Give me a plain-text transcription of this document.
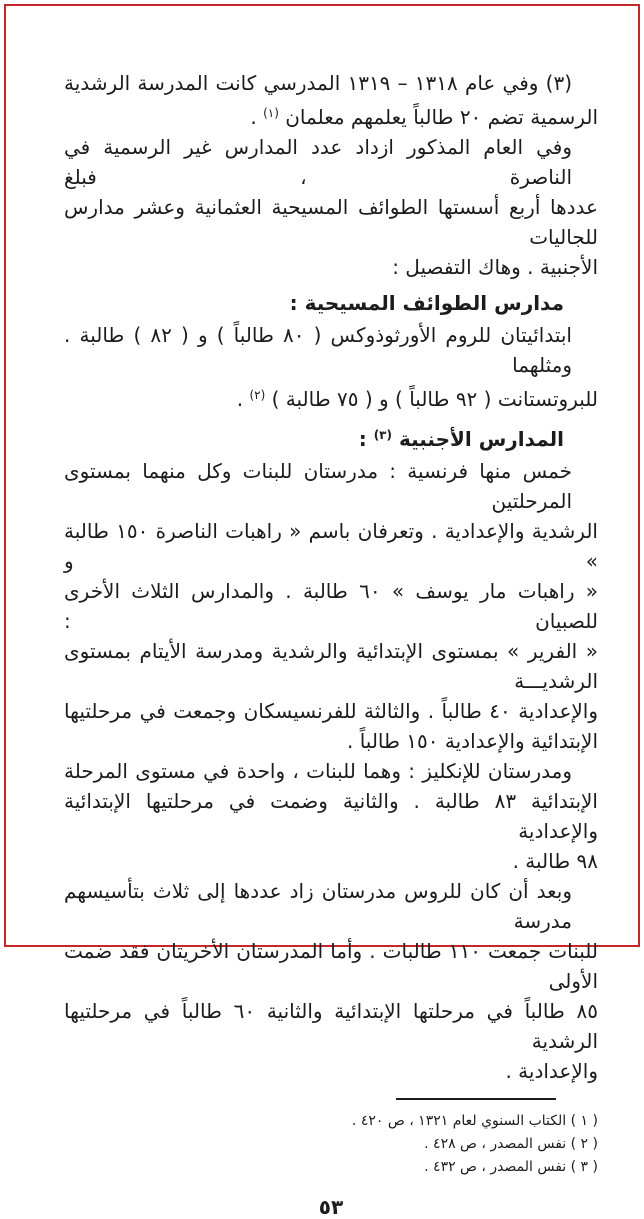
(٣) وفي عام ١٣١٨ – ١٣١٩ المدرسي كانت المدرسة الرشدية
الرسمية تضم ٢٠ طالباً يعلمهم معلمان $^{(١)}$ .
وفي العام المذكور ازداد عدد المدارس غير الرسمية في الناصرة ، فبلغ
عددها أربع أسستها الطوائف المسيحية العثمانية وعشر مدارس للجاليات
الأجنبية . وهاك التفصيل :
مدارس الطوائف المسيحية :
ابتدائيتان للروم الأورثوذوكس ( ٨٠ طالباً ) و ( ٨٢ ) طالبة . ومثلهما
للبروتستانت ( ٩٢ طالباً ) و ( ٧٥ طالبة ) $^{(٢)}$ .
المدارس الأجنبية $^{(٣)}$ :
خمس منها فرنسية : مدرستان للبنات وكل منهما بمستوى المرحلتين
الرشدية والإعدادية . وتعرفان باسم « راهبات الناصرة ١٥٠ طالبة » و
« راهبات مار يوسف » ٦٠ طالبة . والمدارس الثلاث الأخرى للصبيان :
« الفرير » بمستوى الإبتدائية والرشدية ومدرسة الأيتام بمستوى الرشديـــة
والإعدادية ٤٠ طالباً . والثالثة للفرنسيسكان وجمعت في مرحلتيها
الإبتدائية والإعدادية ١٥٠ طالباً .
ومدرستان للإنكليز : وهما للبنات ، واحدة في مستوى المرحلة
الإبتدائية ٨٣ طالبة . والثانية وضمت في مرحلتيها الإبتدائية والإعدادية
٩٨ طالبة .
وبعد أن كان للروس مدرستان زاد عددها إلى ثلاث بتأسيسهم مدرسة
للبنات جمعت ١١٠ طالبات . وأما المدرستان الأخريتان فقد ضمت الأولى
٨٥ طالباً في مرحلتها الإبتدائية والثانية ٦٠ طالباً في مرحلتيها الرشدية
والإعدادية .
( ١ ) الكتاب السنوي لعام ١٣٢١ ، ص ٤٢٠ .
( ٢ ) نفس المصدر ، ص ٤٢٨ .
( ٣ ) نفس المصدر ، ص ٤٣٢ .
٥٣
